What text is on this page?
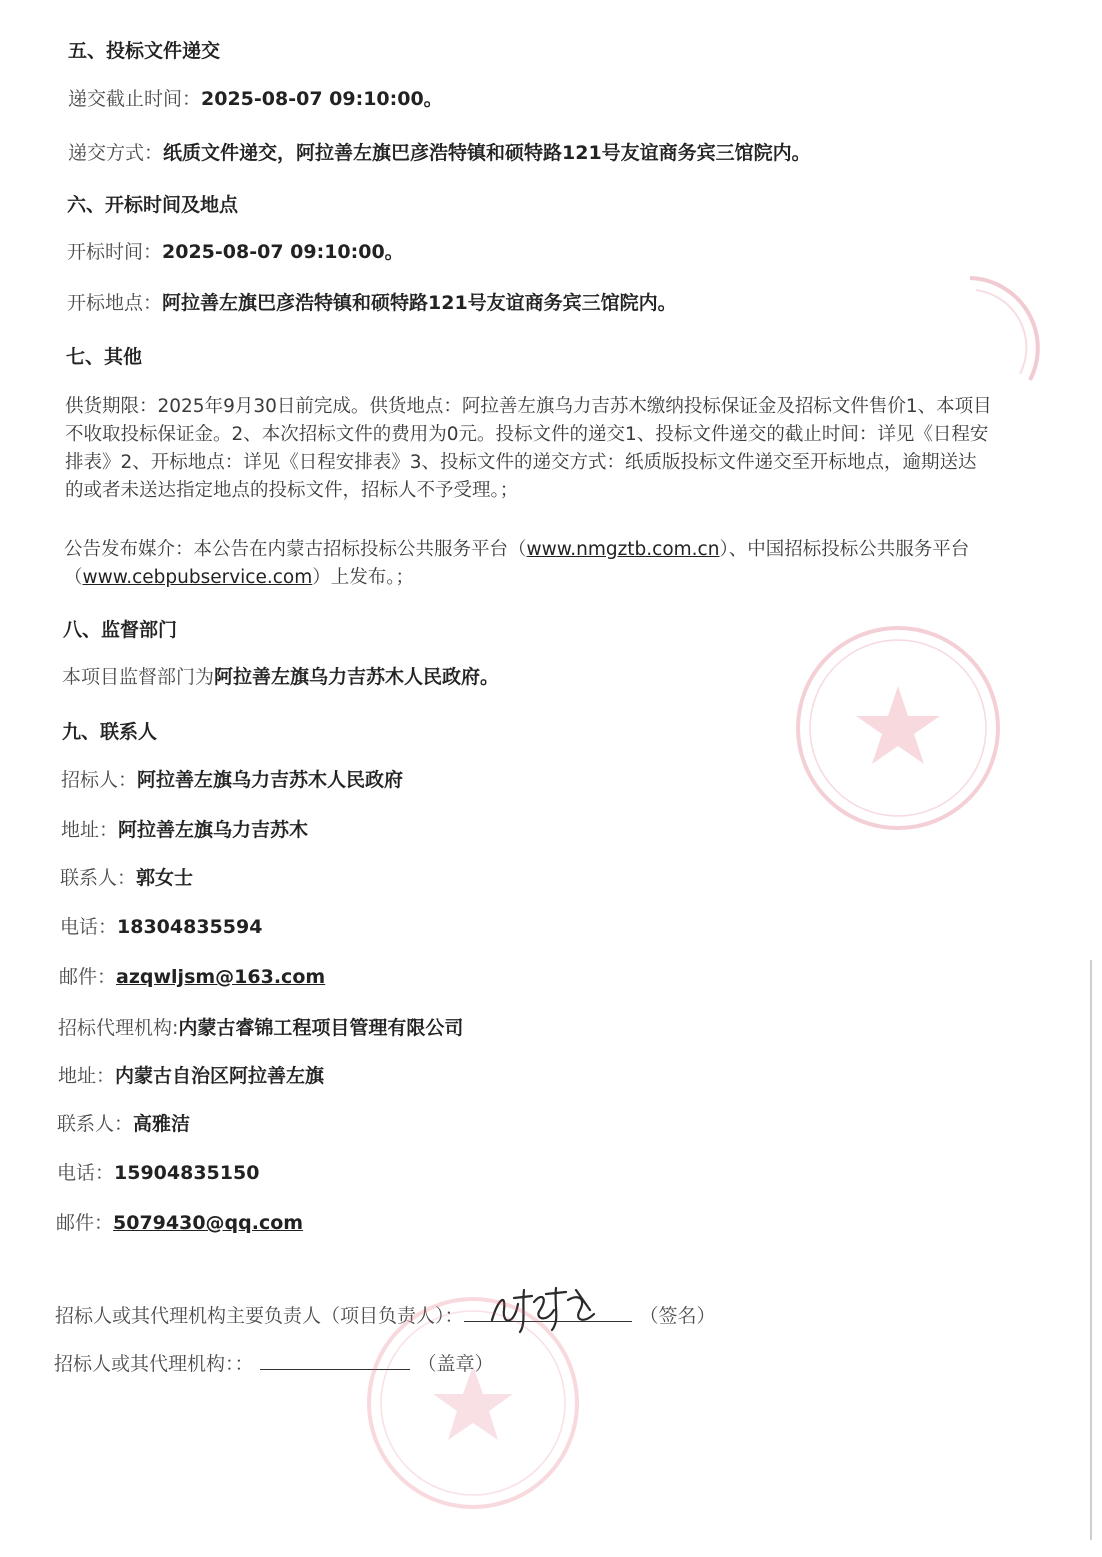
五、投标文件递交
递交截止时间：2025-08-07 09:10:00。
递交方式：纸质文件递交，阿拉善左旗巴彦浩特镇和硕特路121号友谊商务宾三馆院内。
六、开标时间及地点
开标时间：2025-08-07 09:10:00。
开标地点：阿拉善左旗巴彦浩特镇和硕特路121号友谊商务宾三馆院内。
七、其他
供货期限：2025年9月30日前完成。供货地点：阿拉善左旗乌力吉苏木缴纳投标保证金及招标文件售价1、本项目
不收取投标保证金。2、本次招标文件的费用为0元。投标文件的递交1、投标文件递交的截止时间：详见《日程安
排表》2、开标地点：详见《日程安排表》3、投标文件的递交方式：纸质版投标文件递交至开标地点，逾期送达
的或者未送达指定地点的投标文件，招标人不予受理。；
公告发布媒介：本公告在内蒙古招标投标公共服务平台（www.nmgztb.com.cn）、中国招标投标公共服务平台
（www.cebpubservice.com）上发布。；
八、监督部门
本项目监督部门为阿拉善左旗乌力吉苏木人民政府。
九、联系人
招标人：阿拉善左旗乌力吉苏木人民政府
地址：阿拉善左旗乌力吉苏木
联系人：郭女士
电话：18304835594
邮件：azqwljsm@163.com
招标代理机构:内蒙古睿锦工程项目管理有限公司
地址：内蒙古自治区阿拉善左旗
联系人：高雅洁
电话：15904835150
邮件：5079430@qq.com
招标人或其代理机构主要负责人（项目负责人）：	（签名）
招标人或其代理机构：：	（盖章）
